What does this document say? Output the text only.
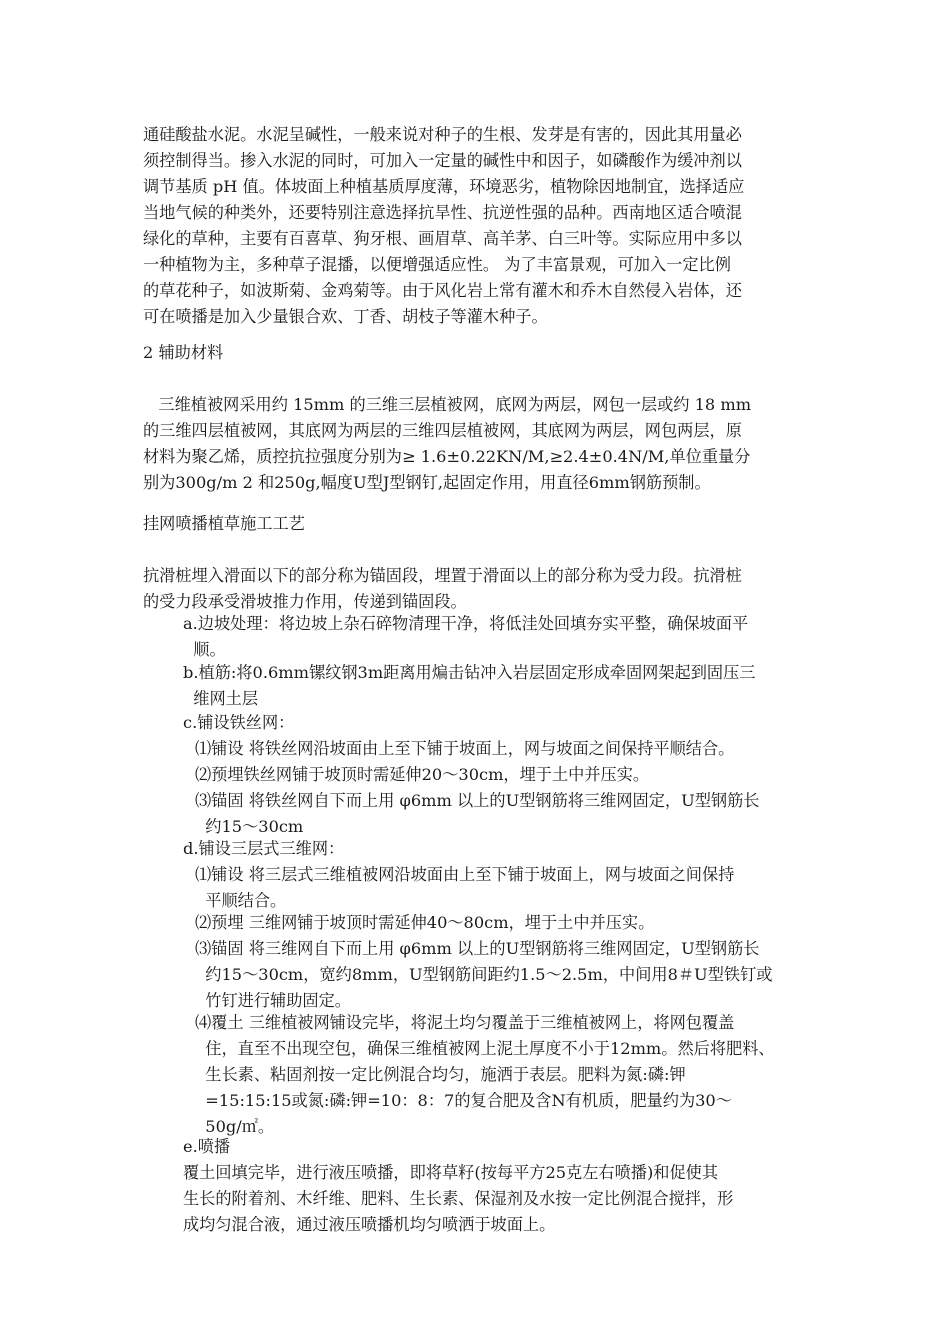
通硅酸盐水泥。水泥呈碱性，一般来说对种子的生根、发芽是有害的，因此其用量必
须控制得当。掺入水泥的同时，可加入一定量的碱性中和因子，如磷酸作为缓冲剂以
调节基质 pH 值。体坡面上种植基质厚度薄，环境恶劣，植物除因地制宜，选择适应
当地气候的种类外，还要特别注意选择抗旱性、抗逆性强的品种。西南地区适合喷混
绿化的草种，主要有百喜草、狗牙根、画眉草、高羊茅、白三叶等。实际应用中多以
一种植物为主，多种草子混播，以便增强适应性。 为了丰富景观，可加入一定比例
的草花种子，如波斯菊、金鸡菊等。由于风化岩上常有灌木和乔木自然侵入岩体，还
可在喷播是加入少量银合欢、丁香、胡枝子等灌木种子。
2 辅助材料
三维植被网采用约 15mm 的三维三层植被网，底网为两层，网包一层或约 18 mm
的三维四层植被网，其底网为两层的三维四层植被网，其底网为两层，网包两层，原
材料为聚乙烯，质控抗拉强度分别为≥ 1.6±0.22KN/M,≥2.4±0.4N/M,单位重量分
别为300g/m 2 和250g,幅度U型J型钢钉,起固定作用，用直径6mm钢筋预制。
挂网喷播植草施工工艺
抗滑桩埋入滑面以下的部分称为锚固段，埋置于滑面以上的部分称为受力段。抗滑桩
的受力段承受滑坡推力作用，传递到锚固段。
a.边坡处理：将边坡上杂石碎物清理干净，将低洼处回填夯实平整，确保坡面平
顺。
b.植筋:将0.6mm镙纹钢3m距离用煸击钻冲入岩层固定形成牵固网架起到固压三
维网土层
c.铺设铁丝网：
⑴铺设 将铁丝网沿坡面由上至下铺于坡面上，网与坡面之间保持平顺结合。
⑵预埋铁丝网铺于坡顶时需延伸20～30cm，埋于土中并压实。
⑶锚固 将铁丝网自下而上用 φ6mm 以上的U型钢筋将三维网固定，U型钢筋长
约15～30cm
d.铺设三层式三维网：
⑴铺设 将三层式三维植被网沿坡面由上至下铺于坡面上，网与坡面之间保持
平顺结合。
⑵预埋 三维网铺于坡顶时需延伸40～80cm，埋于土中并压实。
⑶锚固 将三维网自下而上用 φ6mm 以上的U型钢筋将三维网固定，U型钢筋长
约15～30cm，宽约8mm，U型钢筋间距约1.5～2.5m，中间用8＃U型铁钉或
竹钉进行辅助固定。
⑷覆土 三维植被网铺设完毕，将泥土均匀覆盖于三维植被网上，将网包覆盖
住，直至不出现空包，确保三维植被网上泥土厚度不小于12mm。然后将肥料、
生长素、粘固剂按一定比例混合均匀，施洒于表层。肥料为氮:磷:钾
=15:15:15或氮:磷:钾=10：8：7的复合肥及含N有机质，肥量约为30～
50g/㎡。
e.喷播
覆土回填完毕，进行液压喷播，即将草籽(按每平方25克左右喷播)和促使其
生长的附着剂、木纤维、肥料、生长素、保湿剂及水按一定比例混合搅拌，形
成均匀混合液，通过液压喷播机均匀喷洒于坡面上。
